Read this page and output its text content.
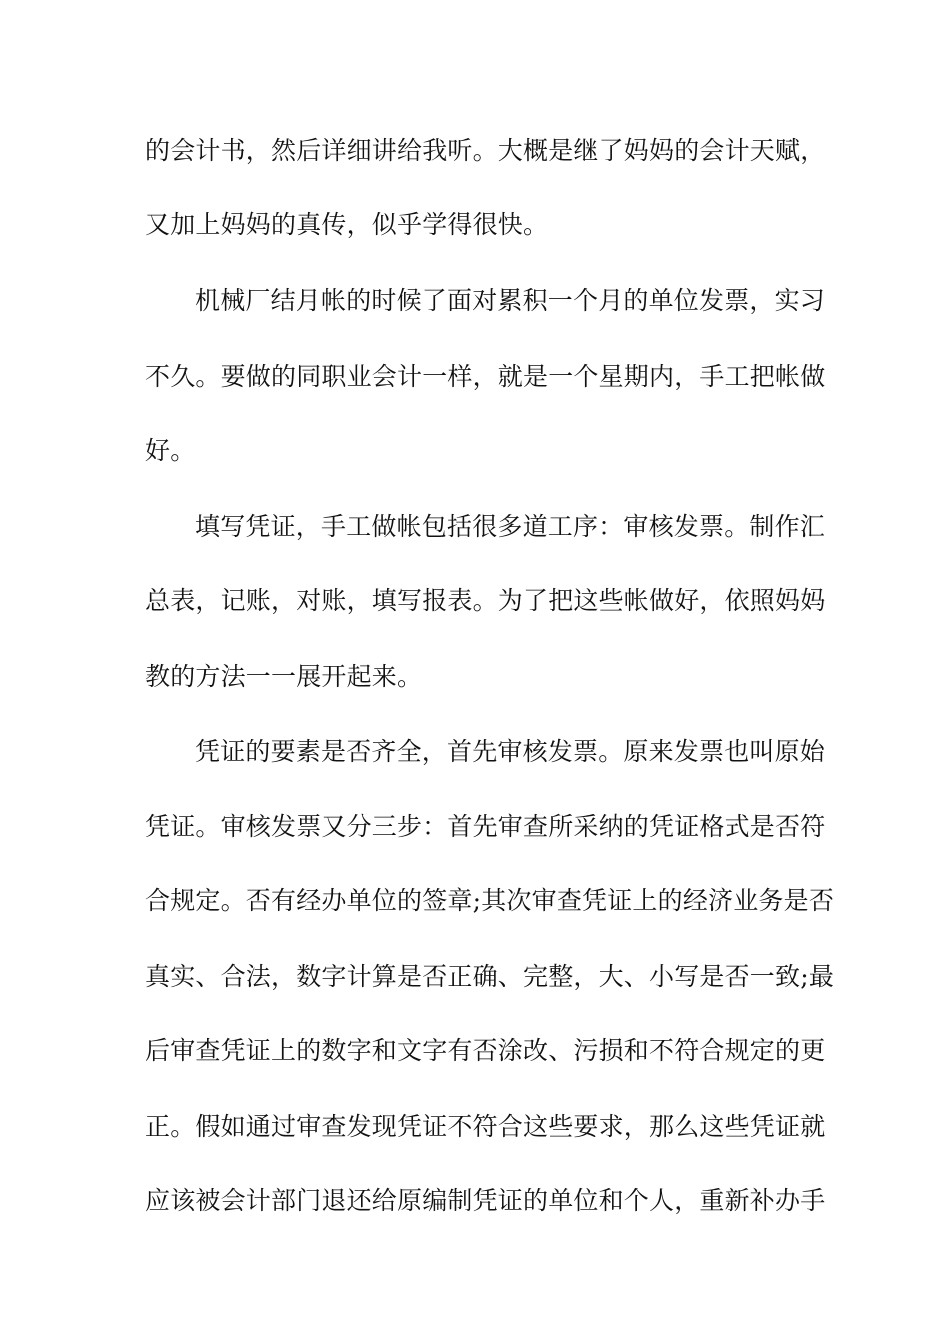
的会计书，然后详细讲给我听。大概是继了妈妈的会计天赋，
又加上妈妈的真传，似乎学得很快。
机械厂结月帐的时候了面对累积一个月的单位发票，实习
不久。要做的同职业会计一样，就是一个星期内，手工把帐做
好。
填写凭证，手工做帐包括很多道工序：审核发票。制作汇
总表，记账，对账，填写报表。为了把这些帐做好，依照妈妈
教的方法一一展开起来。
凭证的要素是否齐全，首先审核发票。原来发票也叫原始
凭证。审核发票又分三步：首先审查所采纳的凭证格式是否符
合规定。否有经办单位的签章;其次审查凭证上的经济业务是否
真实、合法，数字计算是否正确、完整，大、小写是否一致;最
后审查凭证上的数字和文字有否涂改、污损和不符合规定的更
正。假如通过审查发现凭证不符合这些要求，那么这些凭证就
应该被会计部门退还给原编制凭证的单位和个人，重新补办手
